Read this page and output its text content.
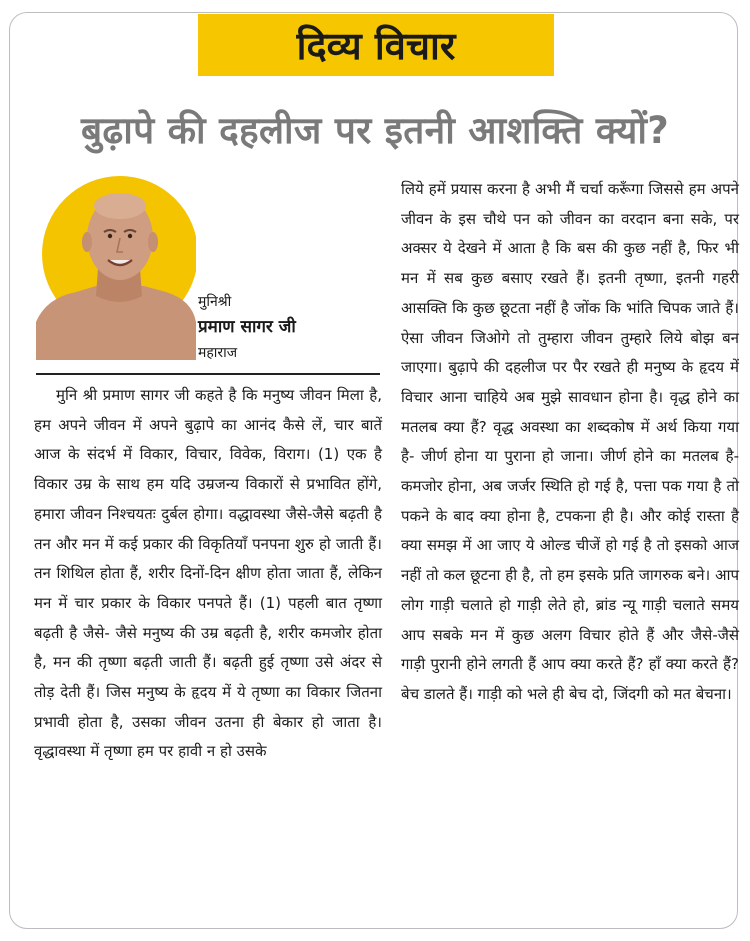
दिव्य विचार
बुढ़ापे की दहलीज पर इतनी आशक्ति क्यों?
मुनिश्री
प्रमाण सागर जी
महाराज
मुनि श्री प्रमाण सागर जी कहते है कि मनुष्य जीवन मिला है, हम अपने जीवन में अपने बुढ़ापे का आनंद कैसे लें, चार बातें आज के संदर्भ में विकार, विचार, विवेक, विराग। (1) एक है विकार उम्र के साथ हम यदि उम्रजन्य विकारों से प्रभावित होंगे, हमारा जीवन निश्चयतः दुर्बल होगा। वद्धावस्था जैसे-जैसे बढ़ती है तन और मन में कई प्रकार की विकृतियाँ पनपना शुरु हो जाती हैं। तन शिथिल होता हैं, शरीर दिनों-दिन क्षीण होता जाता हैं, लेकिन मन में चार प्रकार के विकार पनपते हैं। (1) पहली बात तृष्णा बढ़ती है जैसे- जैसे मनुष्य की उम्र बढ़ती है, शरीर कमजोर होता है, मन की तृष्णा बढ़ती जाती हैं। बढ़ती हुई तृष्णा उसे अंदर से तोड़ देती हैं। जिस मनुष्य के हृदय में ये तृष्णा का विकार जितना प्रभावी होता है, उसका जीवन उतना ही बेकार हो जाता है। वृद्धावस्था में तृष्णा हम पर हावी न हो उसके
लिये हमें प्रयास करना है अभी मैं चर्चा करूँगा जिससे हम अपने जीवन के इस चौथे पन को जीवन का वरदान बना सके, पर अक्सर ये देखने में आता है कि बस की कुछ नहीं है, फिर भी मन में सब कुछ बसाए रखते हैं। इतनी तृष्णा, इतनी गहरी आसक्ति कि कुछ छूटता नहीं है जोंक कि भांति चिपक जाते हैं। ऐसा जीवन जिओगे तो तुम्हारा जीवन तुम्हारे लिये बोझ बन जाएगा। बुढ़ापे की दहलीज पर पैर रखते ही मनुष्य के हृदय में विचार आना चाहिये अब मुझे सावधान होना है। वृद्ध होने का मतलब क्या हैं? वृद्ध अवस्था का शब्दकोष में अर्थ किया गया है- जीर्ण होना या पुराना हो जाना। जीर्ण होने का मतलब है- कमजोर होना, अब जर्जर स्थिति हो गई है, पत्ता पक गया है तो पकने के बाद क्या होना है, टपकना ही है। और कोई रास्ता है क्या समझ में आ जाए ये ओल्ड चीजें हो गई है तो इसको आज नहीं तो कल छूटना ही है, तो हम इसके प्रति जागरुक बने। आप लोग गाड़ी चलाते हो गाड़ी लेते हो, ब्रांड न्यू गाड़ी चलाते समय आप सबके मन में कुछ अलग विचार होते हैं और जैसे-जैसे गाड़ी पुरानी होने लगती हैं आप क्या करते हैं? हाँ क्या करते हैं? बेच डालते हैं। गाड़ी को भले ही बेच दो, जिंदगी को मत बेचना।
